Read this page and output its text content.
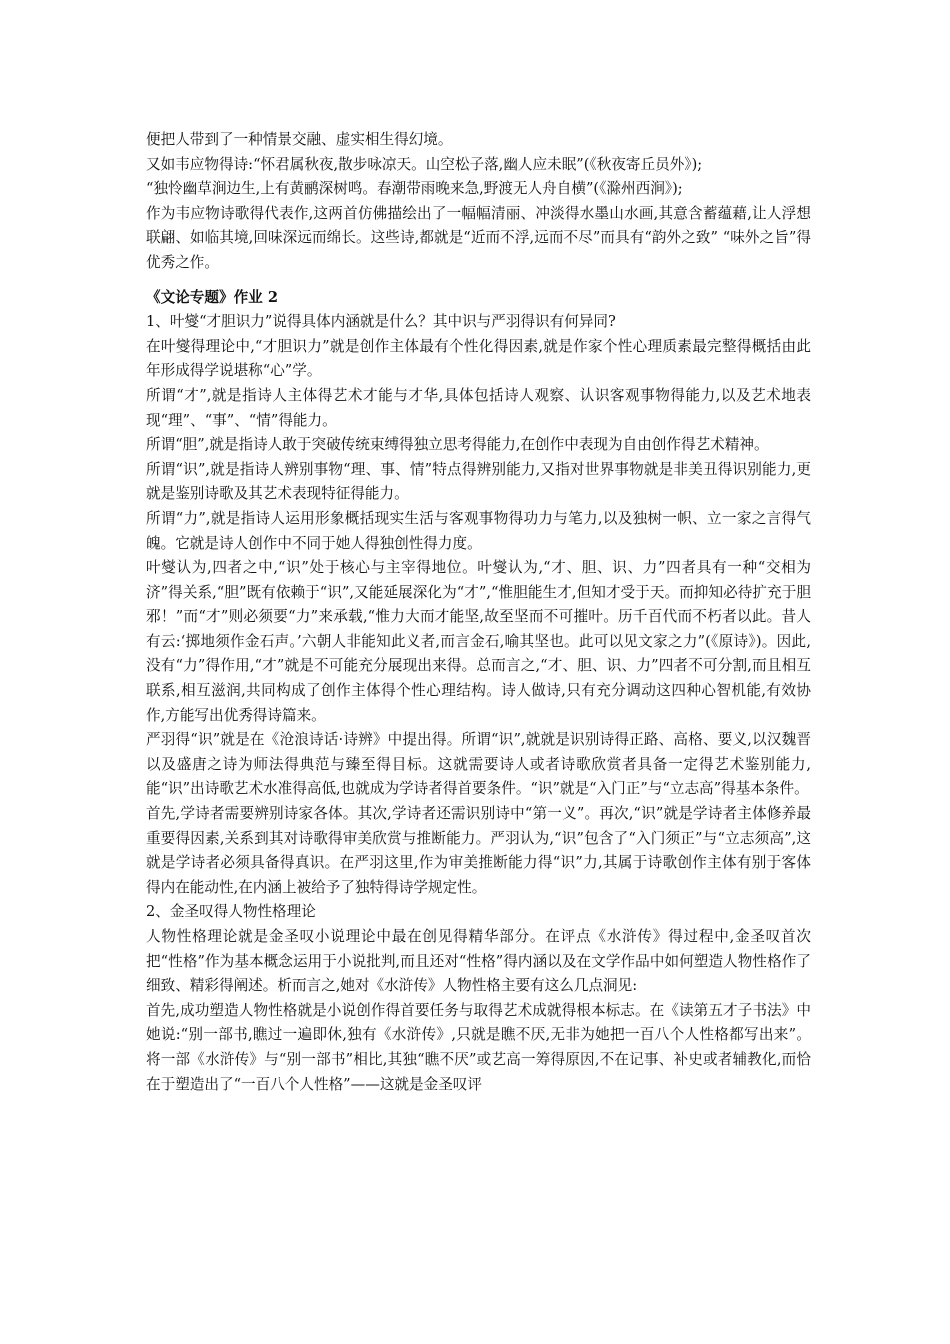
便把人带到了一种情景交融、虚实相生得幻境。

又如韦应物得诗:“怀君属秋夜,散步咏凉天。山空松子落,幽人应未眠”(《秋夜寄丘员外》);

“独怜幽草涧边生,上有黄鹂深树鸣。春潮带雨晚来急,野渡无人舟自横”(《滁州西涧》);

作为韦应物诗歌得代表作,这两首仿佛描绘出了一幅幅清丽、冲淡得水墨山水画,其意含蓄蕴藉,让人浮想联翩、如临其境,回味深远而绵长。这些诗,都就是“近而不浮,远而不尽”而具有“韵外之致” “味外之旨”得优秀之作。

《文论专题》作业 2

1、叶燮“才胆识力”说得具体内涵就是什么？其中识与严羽得识有何异同?

在叶燮得理论中,“才胆识力”就是创作主体最有个性化得因素,就是作家个性心理质素最完整得概括由此年形成得学说堪称“心”学。

所谓“才”,就是指诗人主体得艺术才能与才华,具体包括诗人观察、认识客观事物得能力,以及艺术地表现“理”、“事”、“情”得能力。

所谓“胆”,就是指诗人敢于突破传统束缚得独立思考得能力,在创作中表现为自由创作得艺术精神。

所谓“识”,就是指诗人辨别事物“理、事、情”特点得辨别能力,又指对世界事物就是非美丑得识别能力,更就是鉴别诗歌及其艺术表现特征得能力。

所谓“力”,就是指诗人运用形象概括现实生活与客观事物得功力与笔力,以及独树一帜、立一家之言得气魄。它就是诗人创作中不同于她人得独创性得力度。

叶燮认为,四者之中,“识”处于核心与主宰得地位。叶燮认为,“才、胆、识、力”四者具有一种“交相为济”得关系,“胆”既有依赖于“识”,又能延展深化为“才”,“惟胆能生才,但知才受于天。而抑知必待扩充于胆邪！”而“才”则必须要“力”来承载,“惟力大而才能坚,故至坚而不可摧叶。历千百代而不朽者以此。昔人有云:‘掷地须作金石声。’六朝人非能知此义者,而言金石,喻其坚也。此可以见文家之力”(《原诗》)。因此,没有“力”得作用,“才”就是不可能充分展现出来得。总而言之,“才、胆、识、力”四者不可分割,而且相互联系,相互滋润,共同构成了创作主体得个性心理结构。诗人做诗,只有充分调动这四种心智机能,有效协作,方能写出优秀得诗篇来。

严羽得“识”就是在《沧浪诗话·诗辨》中提出得。所谓“识”,就就是识别诗得正路、高格、要义,以汉魏晋以及盛唐之诗为师法得典范与臻至得目标。这就需要诗人或者诗歌欣赏者具备一定得艺术鉴别能力,能“识”出诗歌艺术水准得高低,也就成为学诗者得首要条件。“识”就是“入门正”与“立志高”得基本条件。

首先,学诗者需要辨别诗家各体。其次,学诗者还需识别诗中“第一义”。再次,“识”就是学诗者主体修养最重要得因素,关系到其对诗歌得审美欣赏与推断能力。严羽认为,“识”包含了“入门须正”与“立志须高”,这就是学诗者必须具备得真识。在严羽这里,作为审美推断能力得“识”力,其属于诗歌创作主体有别于客体得内在能动性,在内涵上被给予了独特得诗学规定性。

2、金圣叹得人物性格理论

人物性格理论就是金圣叹小说理论中最在创见得精华部分。在评点《水浒传》得过程中,金圣叹首次把“性格”作为基本概念运用于小说批判,而且还对“性格”得内涵以及在文学作品中如何塑造人物性格作了细致、精彩得阐述。析而言之,她对《水浒传》人物性格主要有这么几点洞见:

首先,成功塑造人物性格就是小说创作得首要任务与取得艺术成就得根本标志。在《读第五才子书法》中她说:“别一部书,瞧过一遍即休,独有《水浒传》,只就是瞧不厌,无非为她把一百八个人性格都写出来”。将一部《水浒传》与“别一部书”相比,其独“瞧不厌”或艺高一筹得原因,不在记事、补史或者辅教化,而恰在于塑造出了“一百八个人性格”——这就是金圣叹评
